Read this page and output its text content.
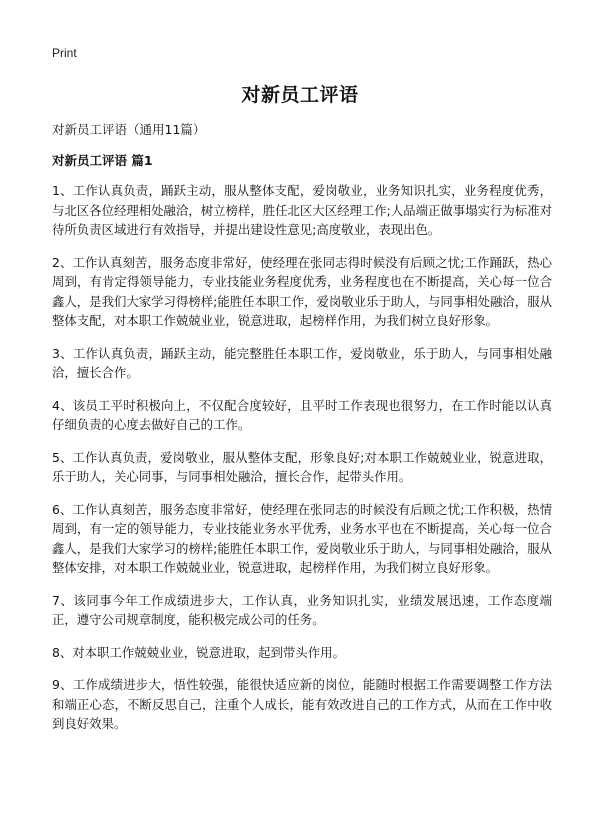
Print
对新员工评语

对新员工评语（通用11篇）

对新员工评语 篇1

1、工作认真负责，踊跃主动，服从整体支配，爱岗敬业，业务知识扎实，业务程度优秀，与北区各位经理相处融洽，树立榜样，胜任北区大区经理工作;人品端正做事塌实行为标准对待所负责区域进行有效指导，并提出建设性意见;高度敬业，表现出色。

2、工作认真刻苦，服务态度非常好，使经理在张同志得时候没有后顾之忧;工作踊跃，热心周到，有肯定得领导能力，专业技能业务程度优秀，业务程度也在不断提高，关心每一位合鑫人，是我们大家学习得榜样;能胜任本职工作，爱岗敬业乐于助人，与同事相处融洽，服从整体支配，对本职工作兢兢业业，锐意进取，起榜样作用，为我们树立良好形象。

3、工作认真负责，踊跃主动，能完整胜任本职工作，爱岗敬业，乐于助人，与同事相处融洽，擅长合作。

4、该员工平时积极向上，不仅配合度较好，且平时工作表现也很努力，在工作时能以认真仔细负责的心度去做好自己的工作。

5、工作认真负责，爱岗敬业，服从整体支配，形象良好;对本职工作兢兢业业，锐意进取，乐于助人，关心同事，与同事相处融洽，擅长合作，起带头作用。

6、工作认真刻苦，服务态度非常好，使经理在张同志的时候没有后顾之忧;工作积极，热情周到，有一定的领导能力，专业技能业务水平优秀，业务水平也在不断提高，关心每一位合鑫人，是我们大家学习的榜样;能胜任本职工作，爱岗敬业乐于助人，与同事相处融洽，服从整体安排，对本职工作兢兢业业，锐意进取，起榜样作用，为我们树立良好形象。

7、该同事今年工作成绩进步大，工作认真，业务知识扎实，业绩发展迅速，工作态度端正，遵守公司规章制度，能积极完成公司的任务。

8、对本职工作兢兢业业，锐意进取，起到带头作用。

9、工作成绩进步大，悟性较强，能很快适应新的岗位，能随时根据工作需要调整工作方法和端正心态，不断反思自己，注重个人成长，能有效改进自己的工作方式，从而在工作中收到良好效果。
